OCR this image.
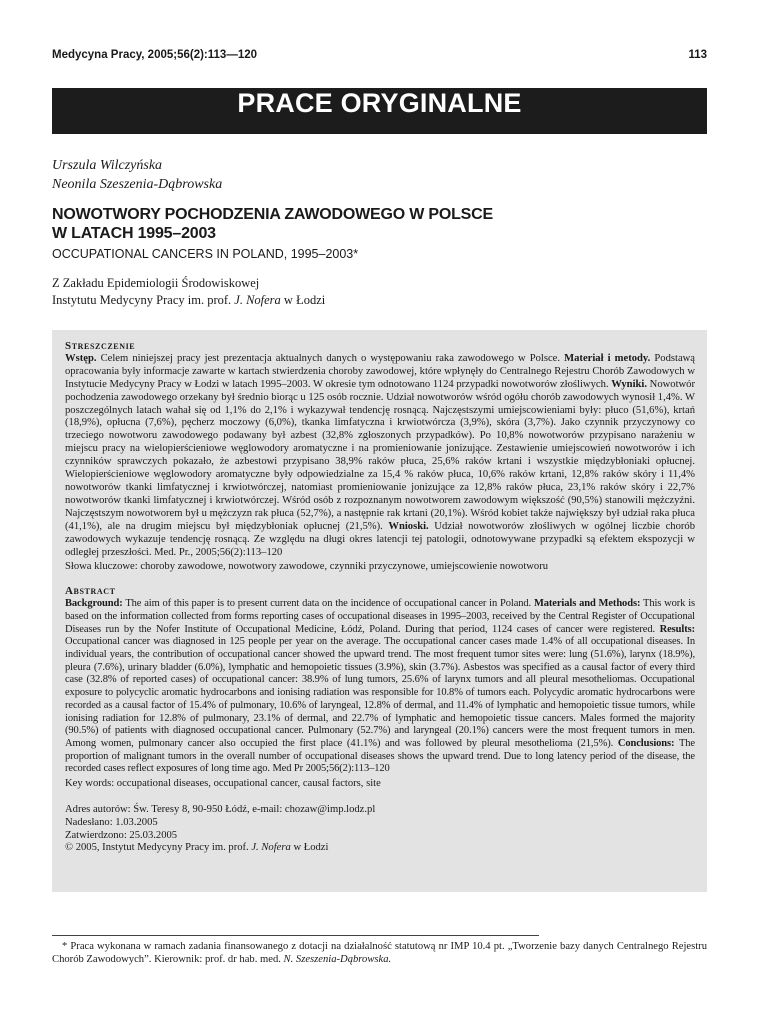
Medycyna Pracy, 2005;56(2):113—120	113
PRACE ORYGINALNE
Urszula Wilczyńska
Neonila Szeszenia-Dąbrowska
NOWOTWORY POCHODZENIA ZAWODOWEGO W POLSCE
W LATACH 1995–2003
OCCUPATIONAL CANCERS IN POLAND, 1995–2003*
Z Zakładu Epidemiologii Środowiskowej
Instytutu Medycyny Pracy im. prof. J. Nofera w Łodzi

Streszczenie

Wstęp. Celem niniejszej pracy jest prezentacja aktualnych danych o występowaniu raka zawodowego w Polsce. Materiał i metody. Podstawą opracowania były informacje zawarte w kartach stwierdzenia choroby zawodowej, które wpłynęły do Centralnego Rejestru Chorób Zawodowych w Instytucie Medycyny Pracy w Łodzi w latach 1995–2003. W okresie tym odnotowano 1124 przypadki nowotworów złośliwych. Wyniki. Nowotwór pochodzenia zawodowego orzekany był średnio biorąc u 125 osób rocznie. Udział nowotworów wśród ogółu chorób zawodowych wynosił 1,4%. W poszczególnych latach wahał się od 1,1% do 2,1% i wykazywał tendencję rosnącą. Najczęstszymi umiejscowieniami były: płuco (51,6%), krtań (18,9%), opłucna (7,6%), pęcherz moczowy (6,0%), tkanka limfatyczna i krwiotwórcza (3,9%), skóra (3,7%). Jako czynnik przyczynowy co trzeciego nowotworu zawodowego podawany był azbest (32,8% zgłoszonych przypadków). Po 10,8% nowotworów przypisano narażeniu w miejscu pracy na wielopierścieniowe węglowodory aromatyczne i na promieniowanie jonizujące. Zestawienie umiejscowień nowotworów i ich czynników sprawczych pokazało, że azbestowi przypisano 38,9% raków płuca, 25,6% raków krtani i wszystkie międzybłoniaki opłucnej. Wielopierścieniowe węglowodory aromatyczne były odpowiedzialne za 15,4 % raków płuca, 10,6% raków krtani, 12,8% raków skóry i 11,4% nowotworów tkanki limfatycznej i krwiotwórczej, natomiast promieniowanie jonizujące za 12,8% raków płuca, 23,1% raków skóry i 22,7% nowotworów tkanki limfatycznej i krwiotwórczej. Wśród osób z rozpoznanym nowotworem zawodowym większość (90,5%) stanowili mężczyźni. Najczęstszym nowotworem był u mężczyzn rak płuca (52,7%), a następnie rak krtani (20,1%). Wśród kobiet także największy był udział raka płuca (41,1%), ale na drugim miejscu był międzybłoniak opłucnej (21,5%). Wnioski. Udział nowotworów złośliwych w ogólnej liczbie chorób zawodowych wykazuje tendencję rosnącą. Ze względu na długi okres latencji tej patologii, odnotowywane przypadki są efektem ekspozycji w odległej przeszłości. Med. Pr., 2005;56(2):113–120

Słowa kluczowe: choroby zawodowe, nowotwory zawodowe, czynniki przyczynowe, umiejscowienie nowotworu

Abstract

Background: The aim of this paper is to present current data on the incidence of occupational cancer in Poland. Materials and Methods: This work is based on the information collected from forms reporting cases of occupational diseases in 1995–2003, received by the Central Register of Occupational Diseases run by the Nofer Institute of Occupational Medicine, Łódź, Poland. During that period, 1124 cases of cancer were registered. Results: Occupational cancer was diagnosed in 125 people per year on the average. The occupational cancer cases made 1.4% of all occupational diseases. In individual years, the contribution of occupational cancer showed the upward trend. The most frequent tumor sites were: lung (51.6%), larynx (18.9%), pleura (7.6%), urinary bladder (6.0%), lymphatic and hemopoietic tissues (3.9%), skin (3.7%). Asbestos was specified as a causal factor of every third case (32.8% of reported cases) of occupational cancer: 38.9% of lung tumors, 25.6% of larynx tumors and all pleural mesotheliomas. Occupational exposure to polycyclic aromatic hydrocarbons and ionising radiation was responsible for 10.8% of tumors each. Polycydic aromatic hydrocarbons were recorded as a causal factor of 15.4% of pulmonary, 10.6% of laryngeal, 12.8% of dermal, and 11.4% of lymphatic and hemopoietic tissue tumors, while ionising radiation for 12.8% of pulmonary, 23.1% of dermal, and 22.7% of lymphatic and hemopoietic tissue cancers. Males formed the majority (90.5%) of patients with diagnosed occupational cancer. Pulmonary (52.7%) and laryngeal (20.1%) cancers were the most frequent tumors in men. Among women, pulmonary cancer also occupied the first place (41.1%) and was followed by pleural mesothelioma (21,5%). Conclusions: The proportion of malignant tumors in the overall number of occupational diseases shows the upward trend. Due to long latency period of the disease, the recorded cases reflect exposures of long time ago. Med Pr 2005;56(2):113–120

Key words: occupational diseases, occupational cancer, causal factors, site

Adres autorów: Św. Teresy 8, 90-950 Łódź, e-mail: chozaw@imp.lodz.pl
Nadesłano: 1.03.2005
Zatwierdzono: 25.03.2005
© 2005, Instytut Medycyny Pracy im. prof. J. Nofera w Łodzi

* Praca wykonana w ramach zadania finansowanego z dotacji na działalność statutową nr IMP 10.4 pt. „Tworzenie bazy danych Centralnego Rejestru Chorób Zawodowych”. Kierownik: prof. dr hab. med. N. Szeszenia-Dąbrowska.
